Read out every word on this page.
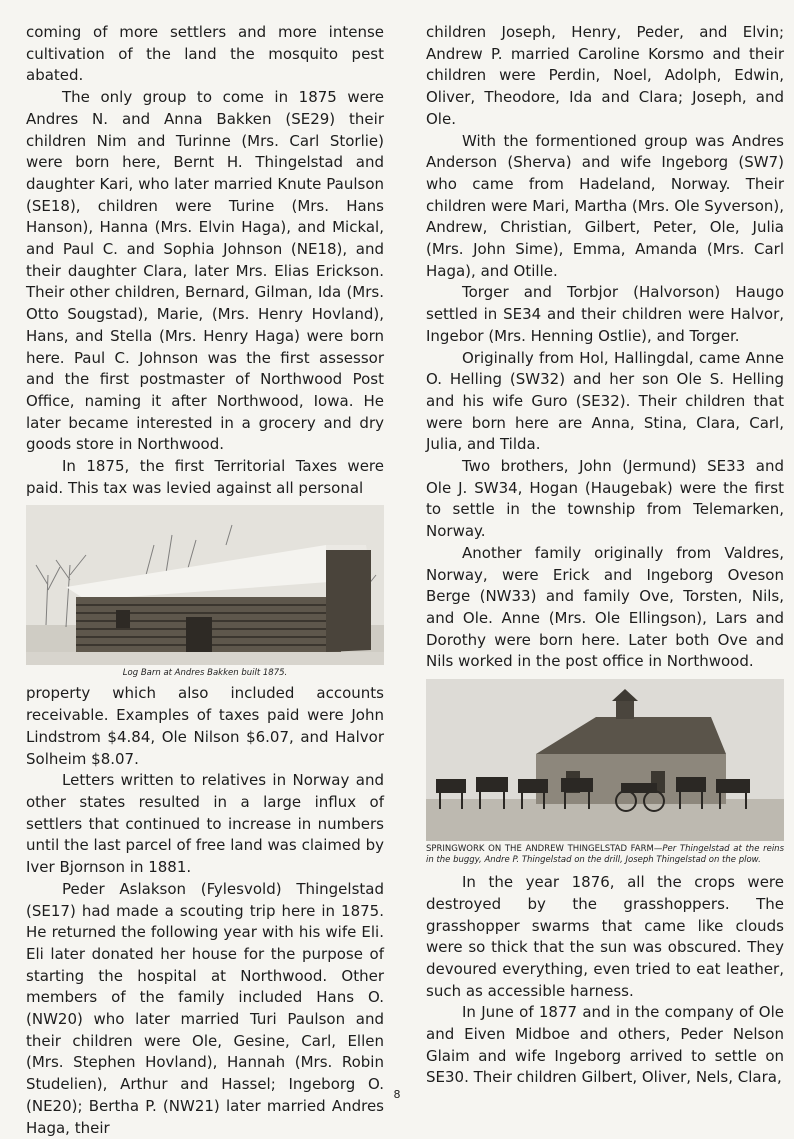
coming of more settlers and more intense cultivation of the land the mosquito pest abated.

The only group to come in 1875 were Andres N. and Anna Bakken (SE29) their children Nim and Turinne (Mrs. Carl Storlie) were born here, Bernt H. Thingelstad and daughter Kari, who later married Knute Paulson (SE18), children were Turine (Mrs. Hans Hanson), Hanna (Mrs. Elvin Haga), and Mickal, and Paul C. and Sophia Johnson (NE18), and their daughter Clara, later Mrs. Elias Erickson. Their other children, Bernard, Gilman, Ida (Mrs. Otto Sougstad), Marie, (Mrs. Henry Hovland), Hans, and Stella (Mrs. Henry Haga) were born here. Paul C. Johnson was the first assessor and the first postmaster of Northwood Post Office, naming it after Northwood, Iowa. He later became interested in a grocery and dry goods store in Northwood.

In 1875, the first Territorial Taxes were paid. This tax was levied against all personal

Log Barn at Andres Bakken built 1875.

property which also included accounts receivable. Examples of taxes paid were John Lindstrom $4.84, Ole Nilson $6.07, and Halvor Solheim $8.07.

Letters written to relatives in Norway and other states resulted in a large influx of settlers that continued to increase in numbers until the last parcel of free land was claimed by Iver Bjornson in 1881.

Peder Aslakson (Fylesvold) Thingelstad (SE17) had made a scouting trip here in 1875. He returned the following year with his wife Eli. Eli later donated her house for the purpose of starting the hospital at Northwood. Other members of the family included Hans O. (NW20) who later married Turi Paulson and their children were Ole, Gesine, Carl, Ellen (Mrs. Stephen Hovland), Hannah (Mrs. Robin Studelien), Arthur and Hassel; Ingeborg O. (NE20); Bertha P. (NW21) later married Andres Haga, their

children Joseph, Henry, Peder, and Elvin; Andrew P. married Caroline Korsmo and their children were Perdin, Noel, Adolph, Edwin, Oliver, Theodore, Ida and Clara; Joseph, and Ole.

With the formentioned group was Andres Anderson (Sherva) and wife Ingeborg (SW7) who came from Hadeland, Norway. Their children were Mari, Martha (Mrs. Ole Syverson), Andrew, Christian, Gilbert, Peter, Ole, Julia (Mrs. John Sime), Emma, Amanda (Mrs. Carl Haga), and Otille.

Torger and Torbjor (Halvorson) Haugo settled in SE34 and their children were Halvor, Ingebor (Mrs. Henning Ostlie), and Torger.

Originally from Hol, Hallingdal, came Anne O. Helling (SW32) and her son Ole S. Helling and his wife Guro (SE32). Their children that were born here are Anna, Stina, Clara, Carl, Julia, and Tilda.

Two brothers, John (Jermund) SE33 and Ole J. SW34, Hogan (Haugebak) were the first to settle in the township from Telemarken, Norway.

Another family originally from Valdres, Norway, were Erick and Ingeborg Oveson Berge (NW33) and family Ove, Torsten, Nils, and Ole. Anne (Mrs. Ole Ellingson), Lars and Dorothy were born here. Later both Ove and Nils worked in the post office in Northwood.

SPRINGWORK ON THE ANDREW THINGELSTAD FARM—Per Thingelstad at the reins in the buggy, Andre P. Thingelstad on the drill, Joseph Thingelstad on the plow.

In the year 1876, all the crops were destroyed by the grasshoppers. The grasshopper swarms that came like clouds were so thick that the sun was obscured. They devoured everything, even tried to eat leather, such as accessible harness.

In June of 1877 and in the company of Ole and Eiven Midboe and others, Peder Nelson Glaim and wife Ingeborg arrived to settle on SE30. Their children Gilbert, Oliver, Nels, Clara,

8
